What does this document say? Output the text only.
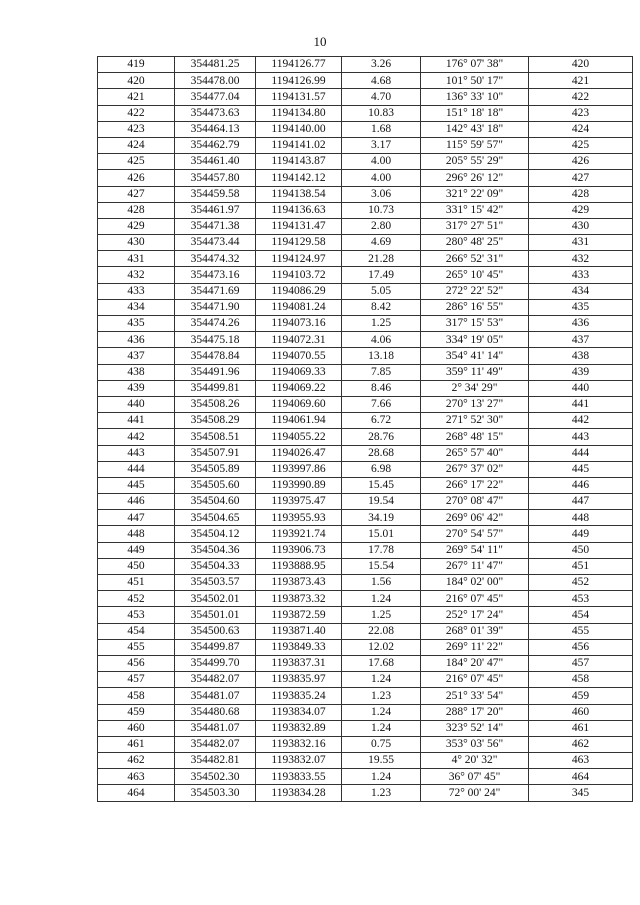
10
419	354481.25	1194126.77	3.26	176° 07' 38"	420
420	354478.00	1194126.99	4.68	101° 50' 17"	421
421	354477.04	1194131.57	4.70	136° 33' 10"	422
422	354473.63	1194134.80	10.83	151° 18' 18"	423
423	354464.13	1194140.00	1.68	142° 43' 18"	424
424	354462.79	1194141.02	3.17	115° 59' 57"	425
425	354461.40	1194143.87	4.00	205° 55' 29"	426
426	354457.80	1194142.12	4.00	296° 26' 12"	427
427	354459.58	1194138.54	3.06	321° 22' 09"	428
428	354461.97	1194136.63	10.73	331° 15' 42"	429
429	354471.38	1194131.47	2.80	317° 27' 51"	430
430	354473.44	1194129.58	4.69	280° 48' 25"	431
431	354474.32	1194124.97	21.28	266° 52' 31"	432
432	354473.16	1194103.72	17.49	265° 10' 45"	433
433	354471.69	1194086.29	5.05	272° 22' 52"	434
434	354471.90	1194081.24	8.42	286° 16' 55"	435
435	354474.26	1194073.16	1.25	317° 15' 53"	436
436	354475.18	1194072.31	4.06	334° 19' 05"	437
437	354478.84	1194070.55	13.18	354° 41' 14"	438
438	354491.96	1194069.33	7.85	359° 11' 49"	439
439	354499.81	1194069.22	8.46	2° 34' 29"	440
440	354508.26	1194069.60	7.66	270° 13' 27"	441
441	354508.29	1194061.94	6.72	271° 52' 30"	442
442	354508.51	1194055.22	28.76	268° 48' 15"	443
443	354507.91	1194026.47	28.68	265° 57' 40"	444
444	354505.89	1193997.86	6.98	267° 37' 02"	445
445	354505.60	1193990.89	15.45	266° 17' 22"	446
446	354504.60	1193975.47	19.54	270° 08' 47"	447
447	354504.65	1193955.93	34.19	269° 06' 42"	448
448	354504.12	1193921.74	15.01	270° 54' 57"	449
449	354504.36	1193906.73	17.78	269° 54' 11"	450
450	354504.33	1193888.95	15.54	267° 11' 47"	451
451	354503.57	1193873.43	1.56	184° 02' 00"	452
452	354502.01	1193873.32	1.24	216° 07' 45"	453
453	354501.01	1193872.59	1.25	252° 17' 24"	454
454	354500.63	1193871.40	22.08	268° 01' 39"	455
455	354499.87	1193849.33	12.02	269° 11' 22"	456
456	354499.70	1193837.31	17.68	184° 20' 47"	457
457	354482.07	1193835.97	1.24	216° 07' 45"	458
458	354481.07	1193835.24	1.23	251° 33' 54"	459
459	354480.68	1193834.07	1.24	288° 17' 20"	460
460	354481.07	1193832.89	1.24	323° 52' 14"	461
461	354482.07	1193832.16	0.75	353° 03' 56"	462
462	354482.81	1193832.07	19.55	4° 20' 32"	463
463	354502.30	1193833.55	1.24	36° 07' 45"	464
464	354503.30	1193834.28	1.23	72° 00' 24"	345
